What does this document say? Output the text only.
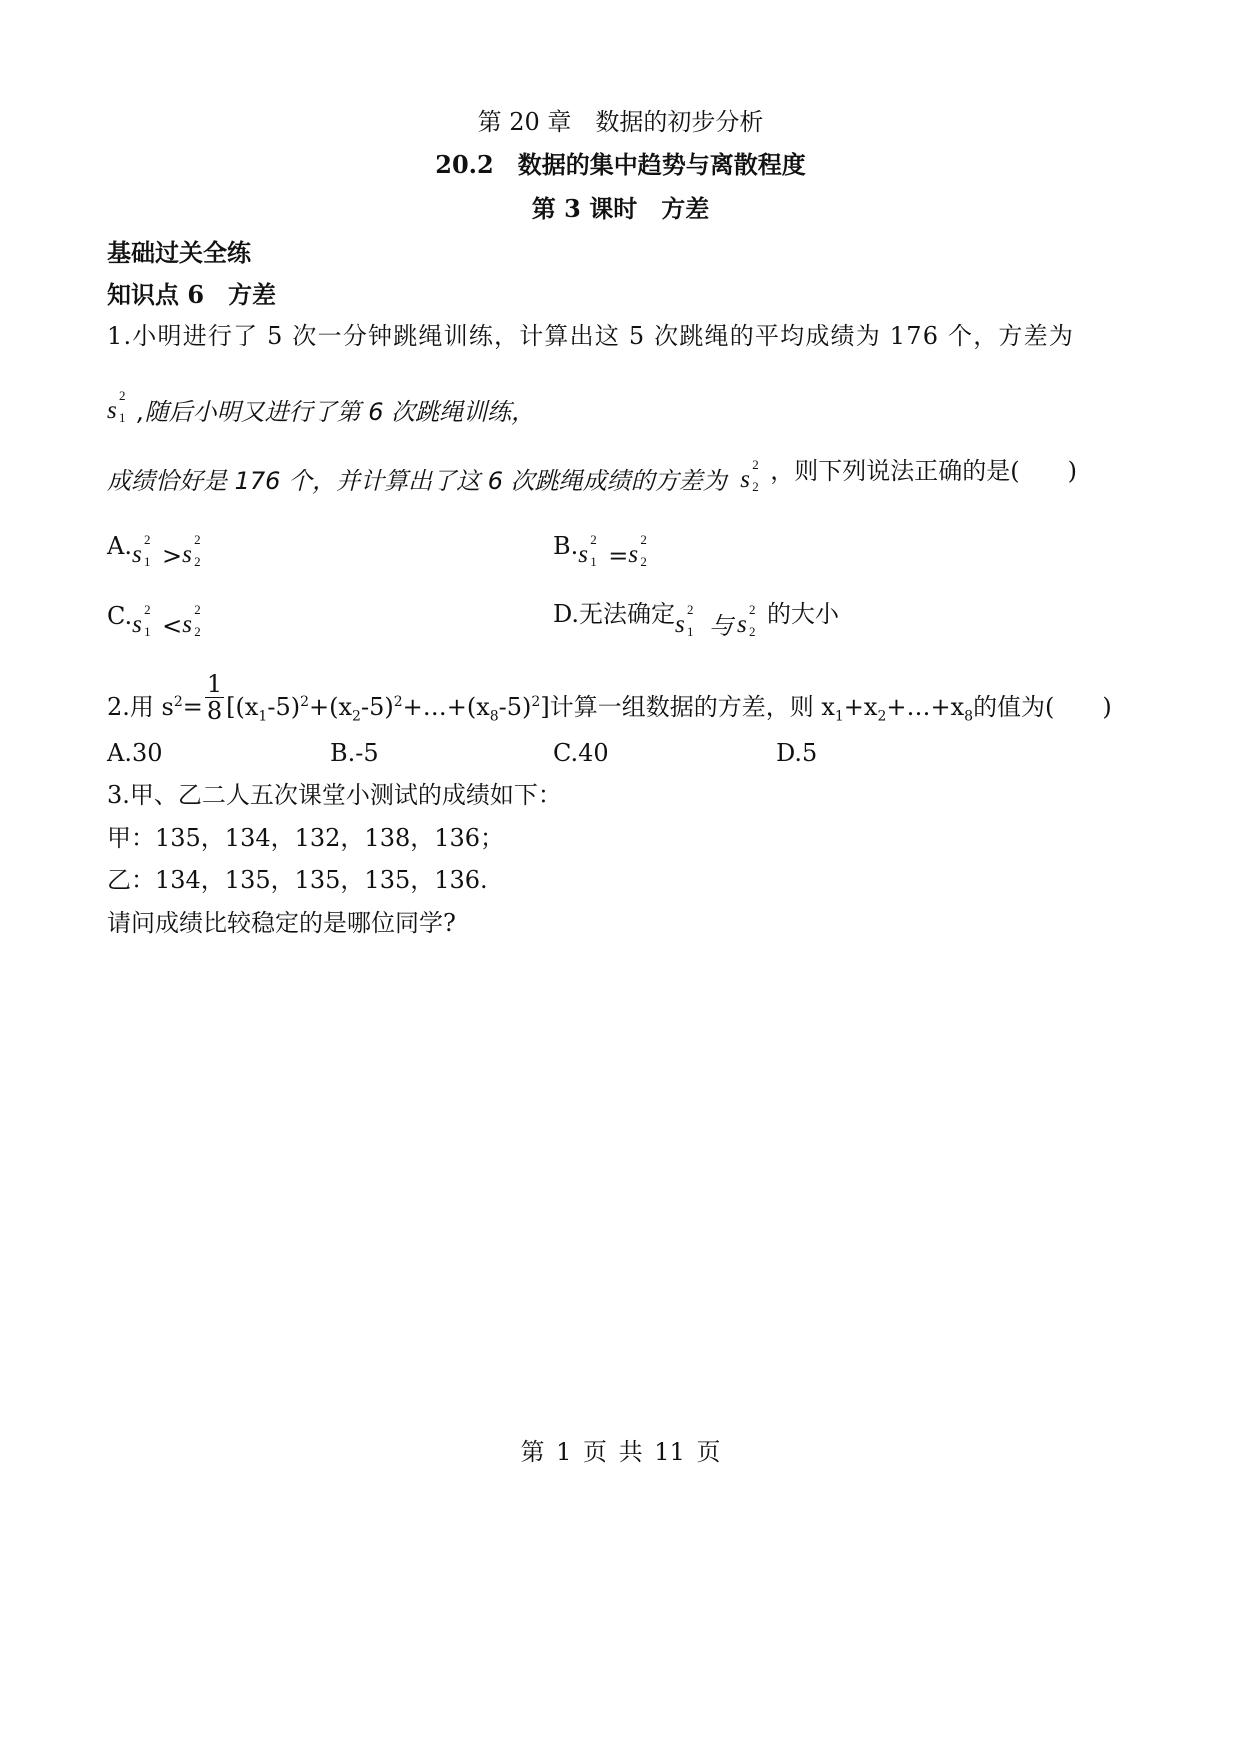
第 20 章　数据的初步分析
20.2　数据的集中趋势与离散程度
第 3 课时　方差
基础过关全练
知识点 6　方差
1.小明进行了 5 次一分钟跳绳训练，计算出这 5 次跳绳的平均成绩为 176 个，方差为
s
2
1 ,随后小明又进行了第 6 次跳绳训练，
成绩恰好是 176 个，并计算出了这 6 次跳绳成绩的方差为 s
2
2
，则下列说法正确的是(　　)
A. s
2
1 > s
2
2
B. s
2
1 = s
2
2
C. s
2
1 < s
2
2
D.无法确定 s
2
1 与 s
2
2
的大小
2.用 $s^2= \frac{1}{8}$ $[(x_1-5)^2+(x_2-5)^2+\dots+(x_8-5)^2]$计算一组数据的方差，则 $x_1+x_2+\dots+x_8$的值为(　　)
A.30	B.-5	C.40	D.5
3.甲、乙二人五次课堂小测试的成绩如下：
甲：135，134，132，138，136；
乙：134，135，135，135，136.
请问成绩比较稳定的是哪位同学?
第 1 页 共 11 页
